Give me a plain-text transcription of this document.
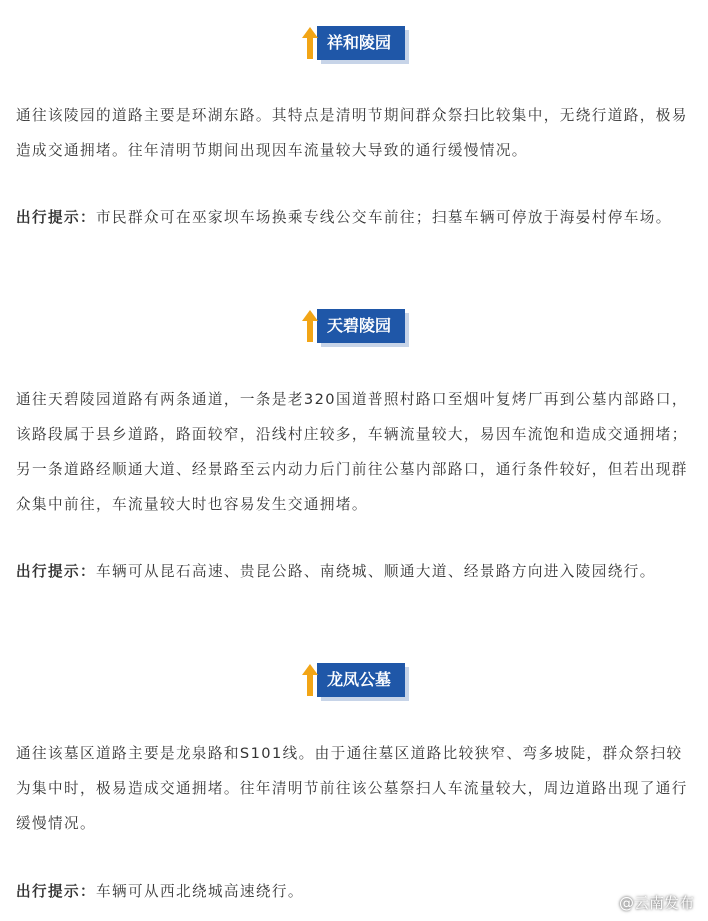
祥和陵园

通往该陵园的道路主要是环湖东路。其特点是清明节期间群众祭扫比较集中，无绕行道路，极易造成交通拥堵。往年清明节期间出现因车流量较大导致的通行缓慢情况。

出行提示：市民群众可在巫家坝车场换乘专线公交车前往；扫墓车辆可停放于海晏村停车场。

天碧陵园

通往天碧陵园道路有两条通道，一条是老320国道普照村路口至烟叶复烤厂再到公墓内部路口，该路段属于县乡道路，路面较窄，沿线村庄较多，车辆流量较大，易因车流饱和造成交通拥堵；另一条道路经顺通大道、经景路至云内动力后门前往公墓内部路口，通行条件较好，但若出现群众集中前往，车流量较大时也容易发生交通拥堵。

出行提示：车辆可从昆石高速、贵昆公路、南绕城、顺通大道、经景路方向进入陵园绕行。

龙凤公墓

通往该墓区道路主要是龙泉路和S101线。由于通往墓区道路比较狭窄、弯多坡陡，群众祭扫较为集中时，极易造成交通拥堵。往年清明节前往该公墓祭扫人车流量较大，周边道路出现了通行缓慢情况。

出行提示：车辆可从西北绕城高速绕行。

@云南发布
